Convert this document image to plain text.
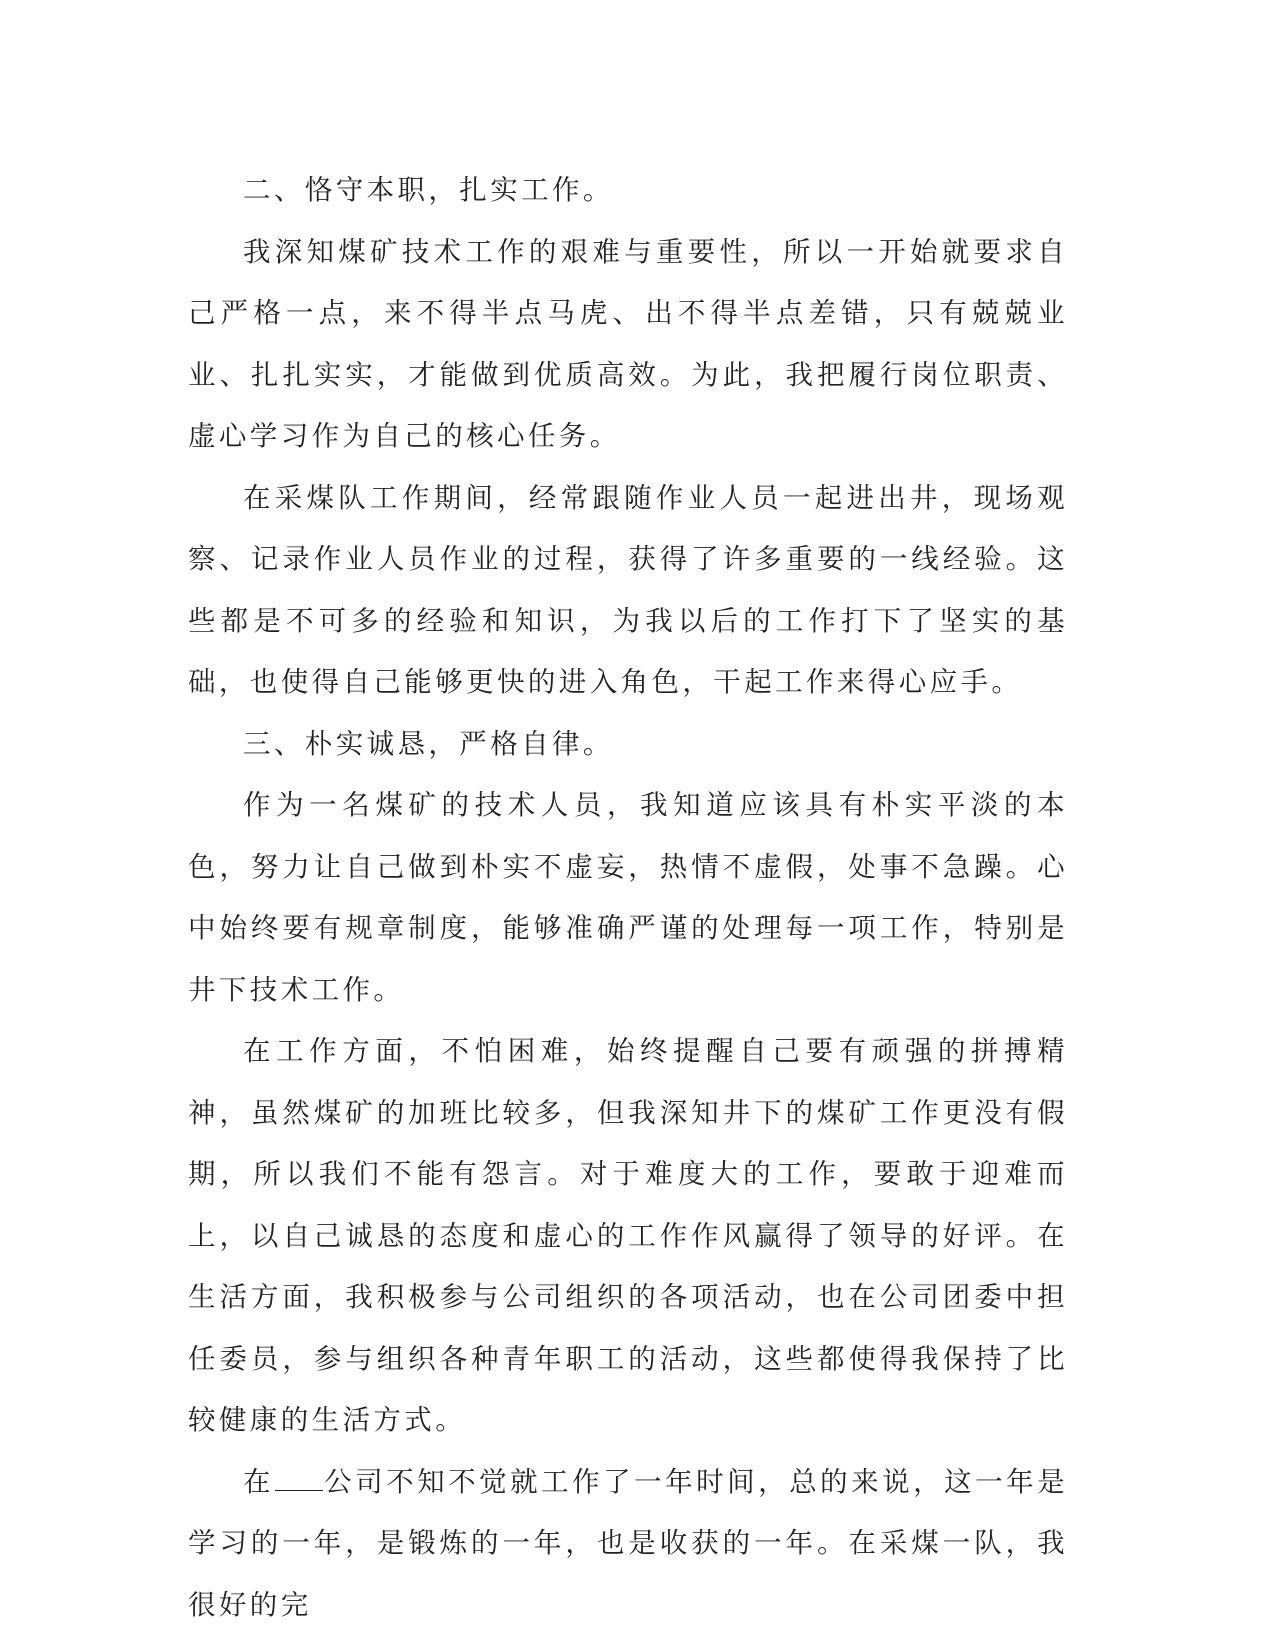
二、恪守本职，扎实工作。

我深知煤矿技术工作的艰难与重要性，所以一开始就要求自己严格一点，来不得半点马虎、出不得半点差错，只有兢兢业业、扎扎实实，才能做到优质高效。为此，我把履行岗位职责、虚心学习作为自己的核心任务。

在采煤队工作期间，经常跟随作业人员一起进出井，现场观察、记录作业人员作业的过程，获得了许多重要的一线经验。这些都是不可多的经验和知识，为我以后的工作打下了坚实的基础，也使得自己能够更快的进入角色，干起工作来得心应手。

三、朴实诚恳，严格自律。

作为一名煤矿的技术人员，我知道应该具有朴实平淡的本色，努力让自己做到朴实不虚妄，热情不虚假，处事不急躁。心中始终要有规章制度，能够准确严谨的处理每一项工作，特别是井下技术工作。

在工作方面，不怕困难，始终提醒自己要有顽强的拼搏精神，虽然煤矿的加班比较多，但我深知井下的煤矿工作更没有假期，所以我们不能有怨言。对于难度大的工作，要敢于迎难而上，以自己诚恳的态度和虚心的工作作风赢得了领导的好评。在生活方面，我积极参与公司组织的各项活动，也在公司团委中担任委员，参与组织各种青年职工的活动，这些都使得我保持了比较健康的生活方式。

在 公司不知不觉就工作了一年时间，总的来说，这一年是学习的一年，是锻炼的一年，也是收获的一年。在采煤一队，我很好的完
